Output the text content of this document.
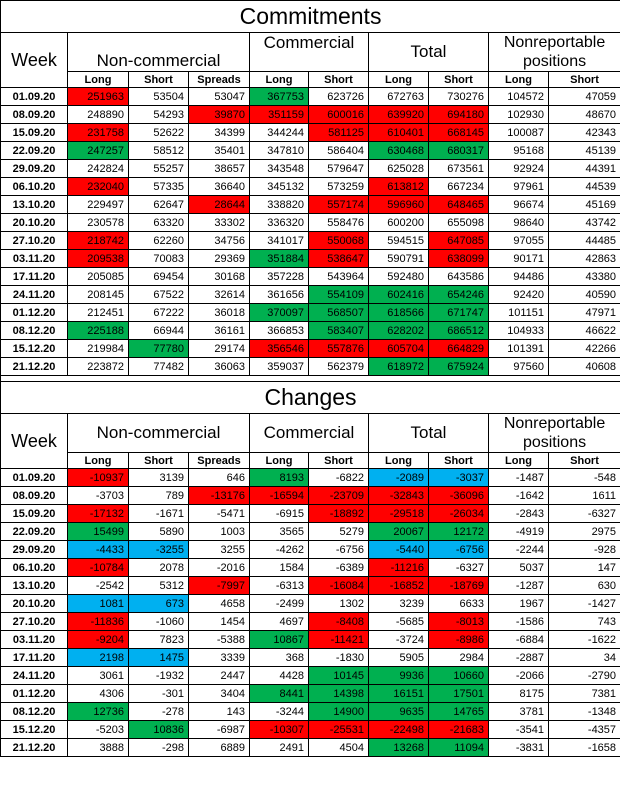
Commitments									
Week	Non-commercial			Commercial		Total		Nonreportable positions	
	Long	Short	Spreads	Long	Short	Long	Short	Long	Short
01.09.20	251963	53504	53047	367753	623726	672763	730276	104572	47059
08.09.20	248890	54293	39870	351159	600016	639920	694180	102930	48670
15.09.20	231758	52622	34399	344244	581125	610401	668145	100087	42343
22.09.20	247257	58512	35401	347810	586404	630468	680317	95168	45139
29.09.20	242824	55257	38657	343548	579647	625028	673561	92924	44391
06.10.20	232040	57335	36640	345132	573259	613812	667234	97961	44539
13.10.20	229497	62647	28644	338820	557174	596960	648465	96674	45169
20.10.20	230578	63320	33302	336320	558476	600200	655098	98640	43742
27.10.20	218742	62260	34756	341017	550068	594515	647085	97055	44485
03.11.20	209538	70083	29369	351884	538647	590791	638099	90171	42863
17.11.20	205085	69454	30168	357228	543964	592480	643586	94486	43380
24.11.20	208145	67522	32614	361656	554109	602416	654246	92420	40590
01.12.20	212451	67222	36018	370097	568507	618566	671747	101151	47971
08.12.20	225188	66944	36161	366853	583407	628202	686512	104933	46622
15.12.20	219984	77780	29174	356546	557876	605704	664829	101391	42266
21.12.20	223872	77482	36063	359037	562379	618972	675924	97560	40608

Changes									
Week	Non-commercial			Commercial		Total		Nonreportable positions	
	Long	Short	Spreads	Long	Short	Long	Short	Long	Short
01.09.20	-10937	3139	646	8193	-6822	-2089	-3037	-1487	-548
08.09.20	-3703	789	-13176	-16594	-23709	-32843	-36096	-1642	1611
15.09.20	-17132	-1671	-5471	-6915	-18892	-29518	-26034	-2843	-6327
22.09.20	15499	5890	1003	3565	5279	20067	12172	-4919	2975
29.09.20	-4433	-3255	3255	-4262	-6756	-5440	-6756	-2244	-928
06.10.20	-10784	2078	-2016	1584	-6389	-11216	-6327	5037	147
13.10.20	-2542	5312	-7997	-6313	-16084	-16852	-18769	-1287	630
20.10.20	1081	673	4658	-2499	1302	3239	6633	1967	-1427
27.10.20	-11836	-1060	1454	4697	-8408	-5685	-8013	-1586	743
03.11.20	-9204	7823	-5388	10867	-11421	-3724	-8986	-6884	-1622
17.11.20	2198	1475	3339	368	-1830	5905	2984	-2887	34
24.11.20	3061	-1932	2447	4428	10145	9936	10660	-2066	-2790
01.12.20	4306	-301	3404	8441	14398	16151	17501	8175	7381
08.12.20	12736	-278	143	-3244	14900	9635	14765	3781	-1348
15.12.20	-5203	10836	-6987	-10307	-25531	-22498	-21683	-3541	-4357
21.12.20	3888	-298	6889	2491	4504	13268	11094	-3831	-1658
